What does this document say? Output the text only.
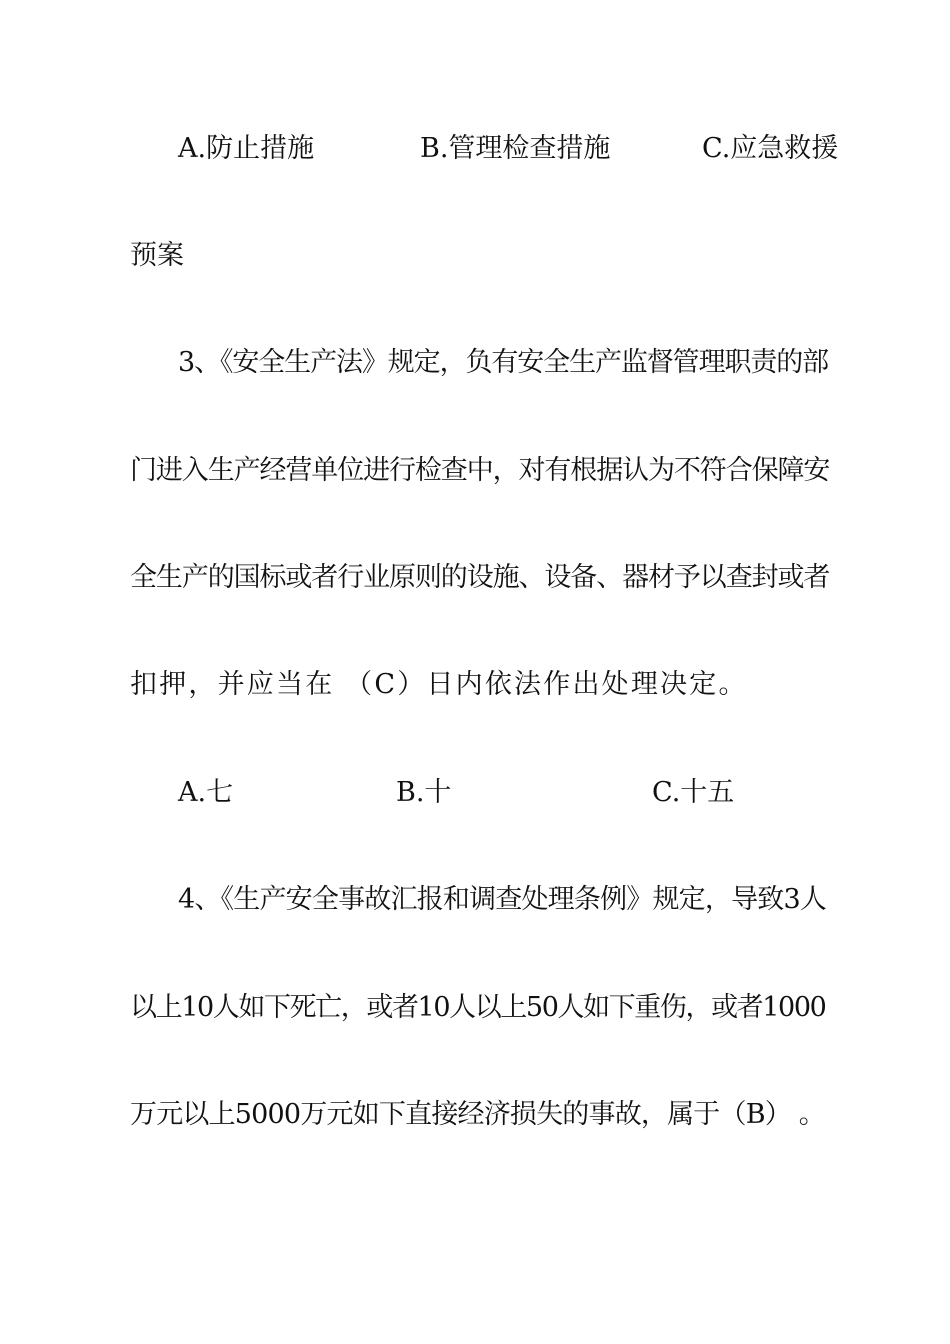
A.防止措施	B.管理检查措施	C.应急救援
预案
3、《安全生产法》规定，负有安全生产监督管理职责的部
门进入生产经营单位进行检查中，对有根据认为不符合保障安
全生产的国标或者行业原则的设施、设备、器材予以查封或者
扣押，并应当在 （C）日内依法作出处理决定。
A.七	B.十	C.十五
4、《生产安全事故汇报和调查处理条例》规定，导致3人
以上10人如下死亡，或者10人以上50人如下重伤，或者1000
万元以上5000万元如下直接经济损失的事故，属于（B） 。
